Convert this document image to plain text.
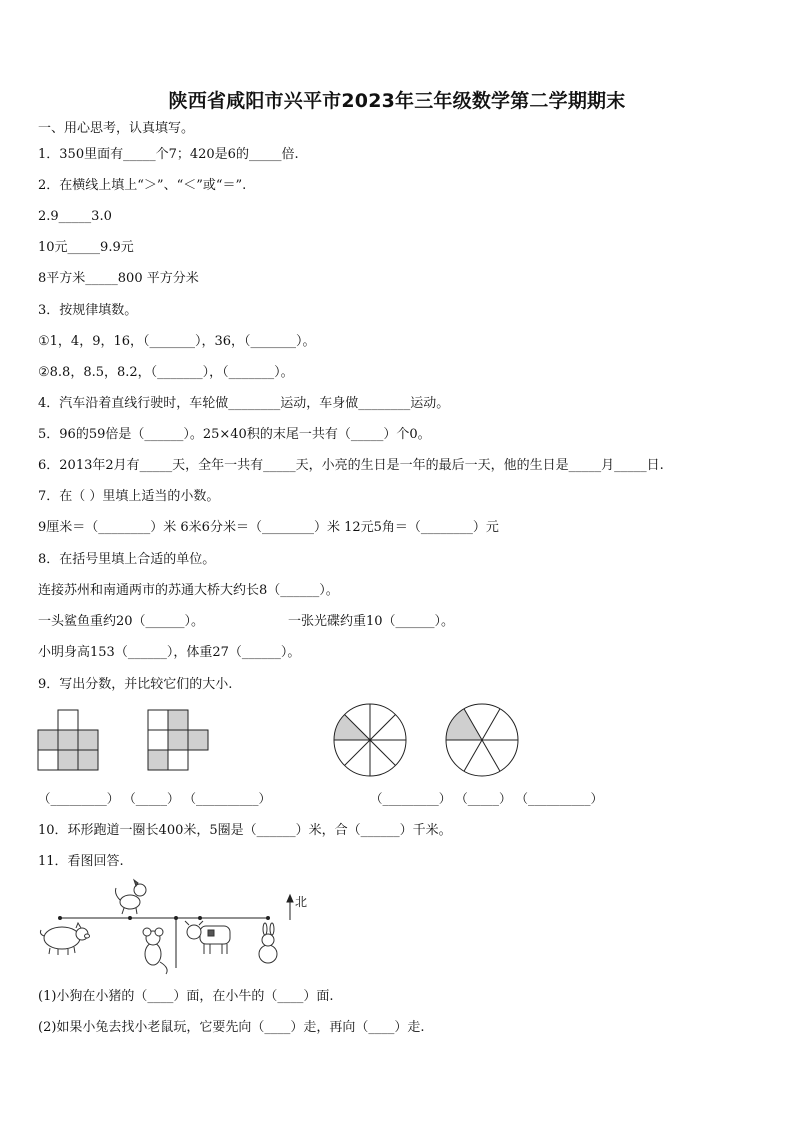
陕西省咸阳市兴平市2023年三年级数学第二学期期末
一、用心思考，认真填写。
1．350里面有_____个7；420是6的_____倍.
2．在横线上填上“＞”、“＜”或“＝”.
2.9_____3.0
10元_____9.9元
8平方米_____800 平方分米
3．按规律填数。
①1，4，9，16，（_______），36，（_______）。
②8.8，8.5，8.2，（_______），（_______）。
4．汽车沿着直线行驶时，车轮做________运动，车身做________运动。
5．96的59倍是（______）。25×40积的末尾一共有（_____）个0。
6．2013年2月有_____天，全年一共有_____天，小亮的生日是一年的最后一天，他的生日是_____月_____日.
7．在（ ）里填上适当的小数。
9厘米＝（________）米 6米6分米＝（________）米 12元5角＝（________）元
8．在括号里填上合适的单位。
连接苏州和南通两市的苏通大桥大约长8（______）。
一头鲨鱼重约20（______）。	一张光碟约重10（______）。
小明身高153（______），体重27（______）。
9．写出分数，并比较它们的大小.
（_________） （_____） （__________）	（_________） （_____） （__________）
10．环形跑道一圈长400米，5圈是（______）米，合（______）千米。
11．看图回答.
北
(1)小狗在小猪的（____）面，在小牛的（____）面.
(2)如果小兔去找小老鼠玩，它要先向（____）走，再向（____）走.
